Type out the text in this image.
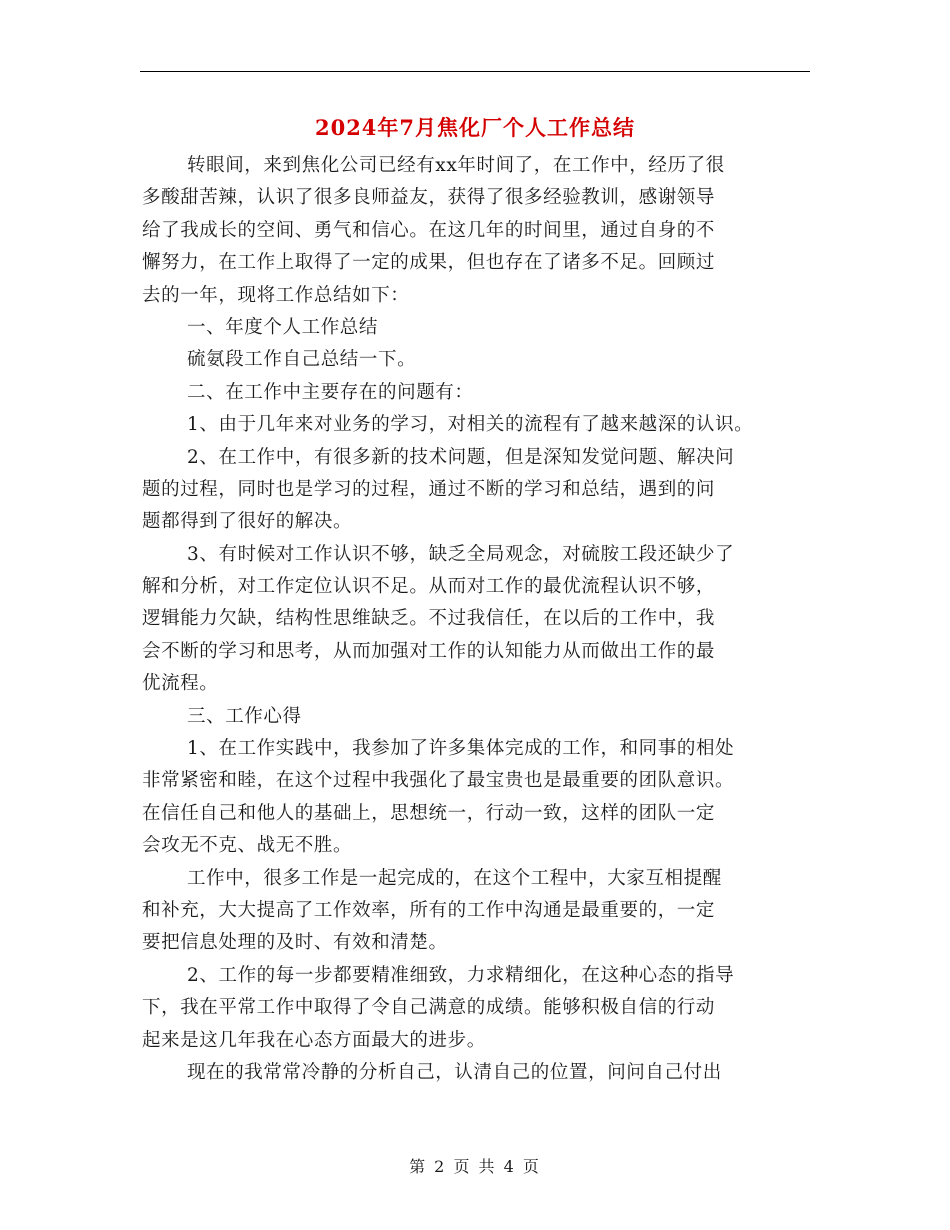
2024年7月焦化厂个人工作总结
转眼间，来到焦化公司已经有xx年时间了，在工作中，经历了很
多酸甜苦辣，认识了很多良师益友，获得了很多经验教训，感谢领导
给了我成长的空间、勇气和信心。在这几年的时间里，通过自身的不
懈努力，在工作上取得了一定的成果，但也存在了诸多不足。回顾过
去的一年，现将工作总结如下：
一、年度个人工作总结
硫氨段工作自己总结一下。
二、在工作中主要存在的问题有：
1、由于几年来对业务的学习，对相关的流程有了越来越深的认识。
2、在工作中，有很多新的技术问题，但是深知发觉问题、解决问
题的过程，同时也是学习的过程，通过不断的学习和总结，遇到的问
题都得到了很好的解决。
3、有时候对工作认识不够，缺乏全局观念，对硫胺工段还缺少了
解和分析，对工作定位认识不足。从而对工作的最优流程认识不够，
逻辑能力欠缺，结构性思维缺乏。不过我信任，在以后的工作中，我
会不断的学习和思考，从而加强对工作的认知能力从而做出工作的最
优流程。
三、工作心得
1、在工作实践中，我参加了许多集体完成的工作，和同事的相处
非常紧密和睦，在这个过程中我强化了最宝贵也是最重要的团队意识。
在信任自己和他人的基础上，思想统一，行动一致，这样的团队一定
会攻无不克、战无不胜。
工作中，很多工作是一起完成的，在这个工程中，大家互相提醒
和补充，大大提高了工作效率，所有的工作中沟通是最重要的，一定
要把信息处理的及时、有效和清楚。
2、工作的每一步都要精准细致，力求精细化，在这种心态的指导
下，我在平常工作中取得了令自己满意的成绩。能够积极自信的行动
起来是这几年我在心态方面最大的进步。
现在的我常常冷静的分析自己，认清自己的位置，问问自己付出
第 2 页 共 4 页
